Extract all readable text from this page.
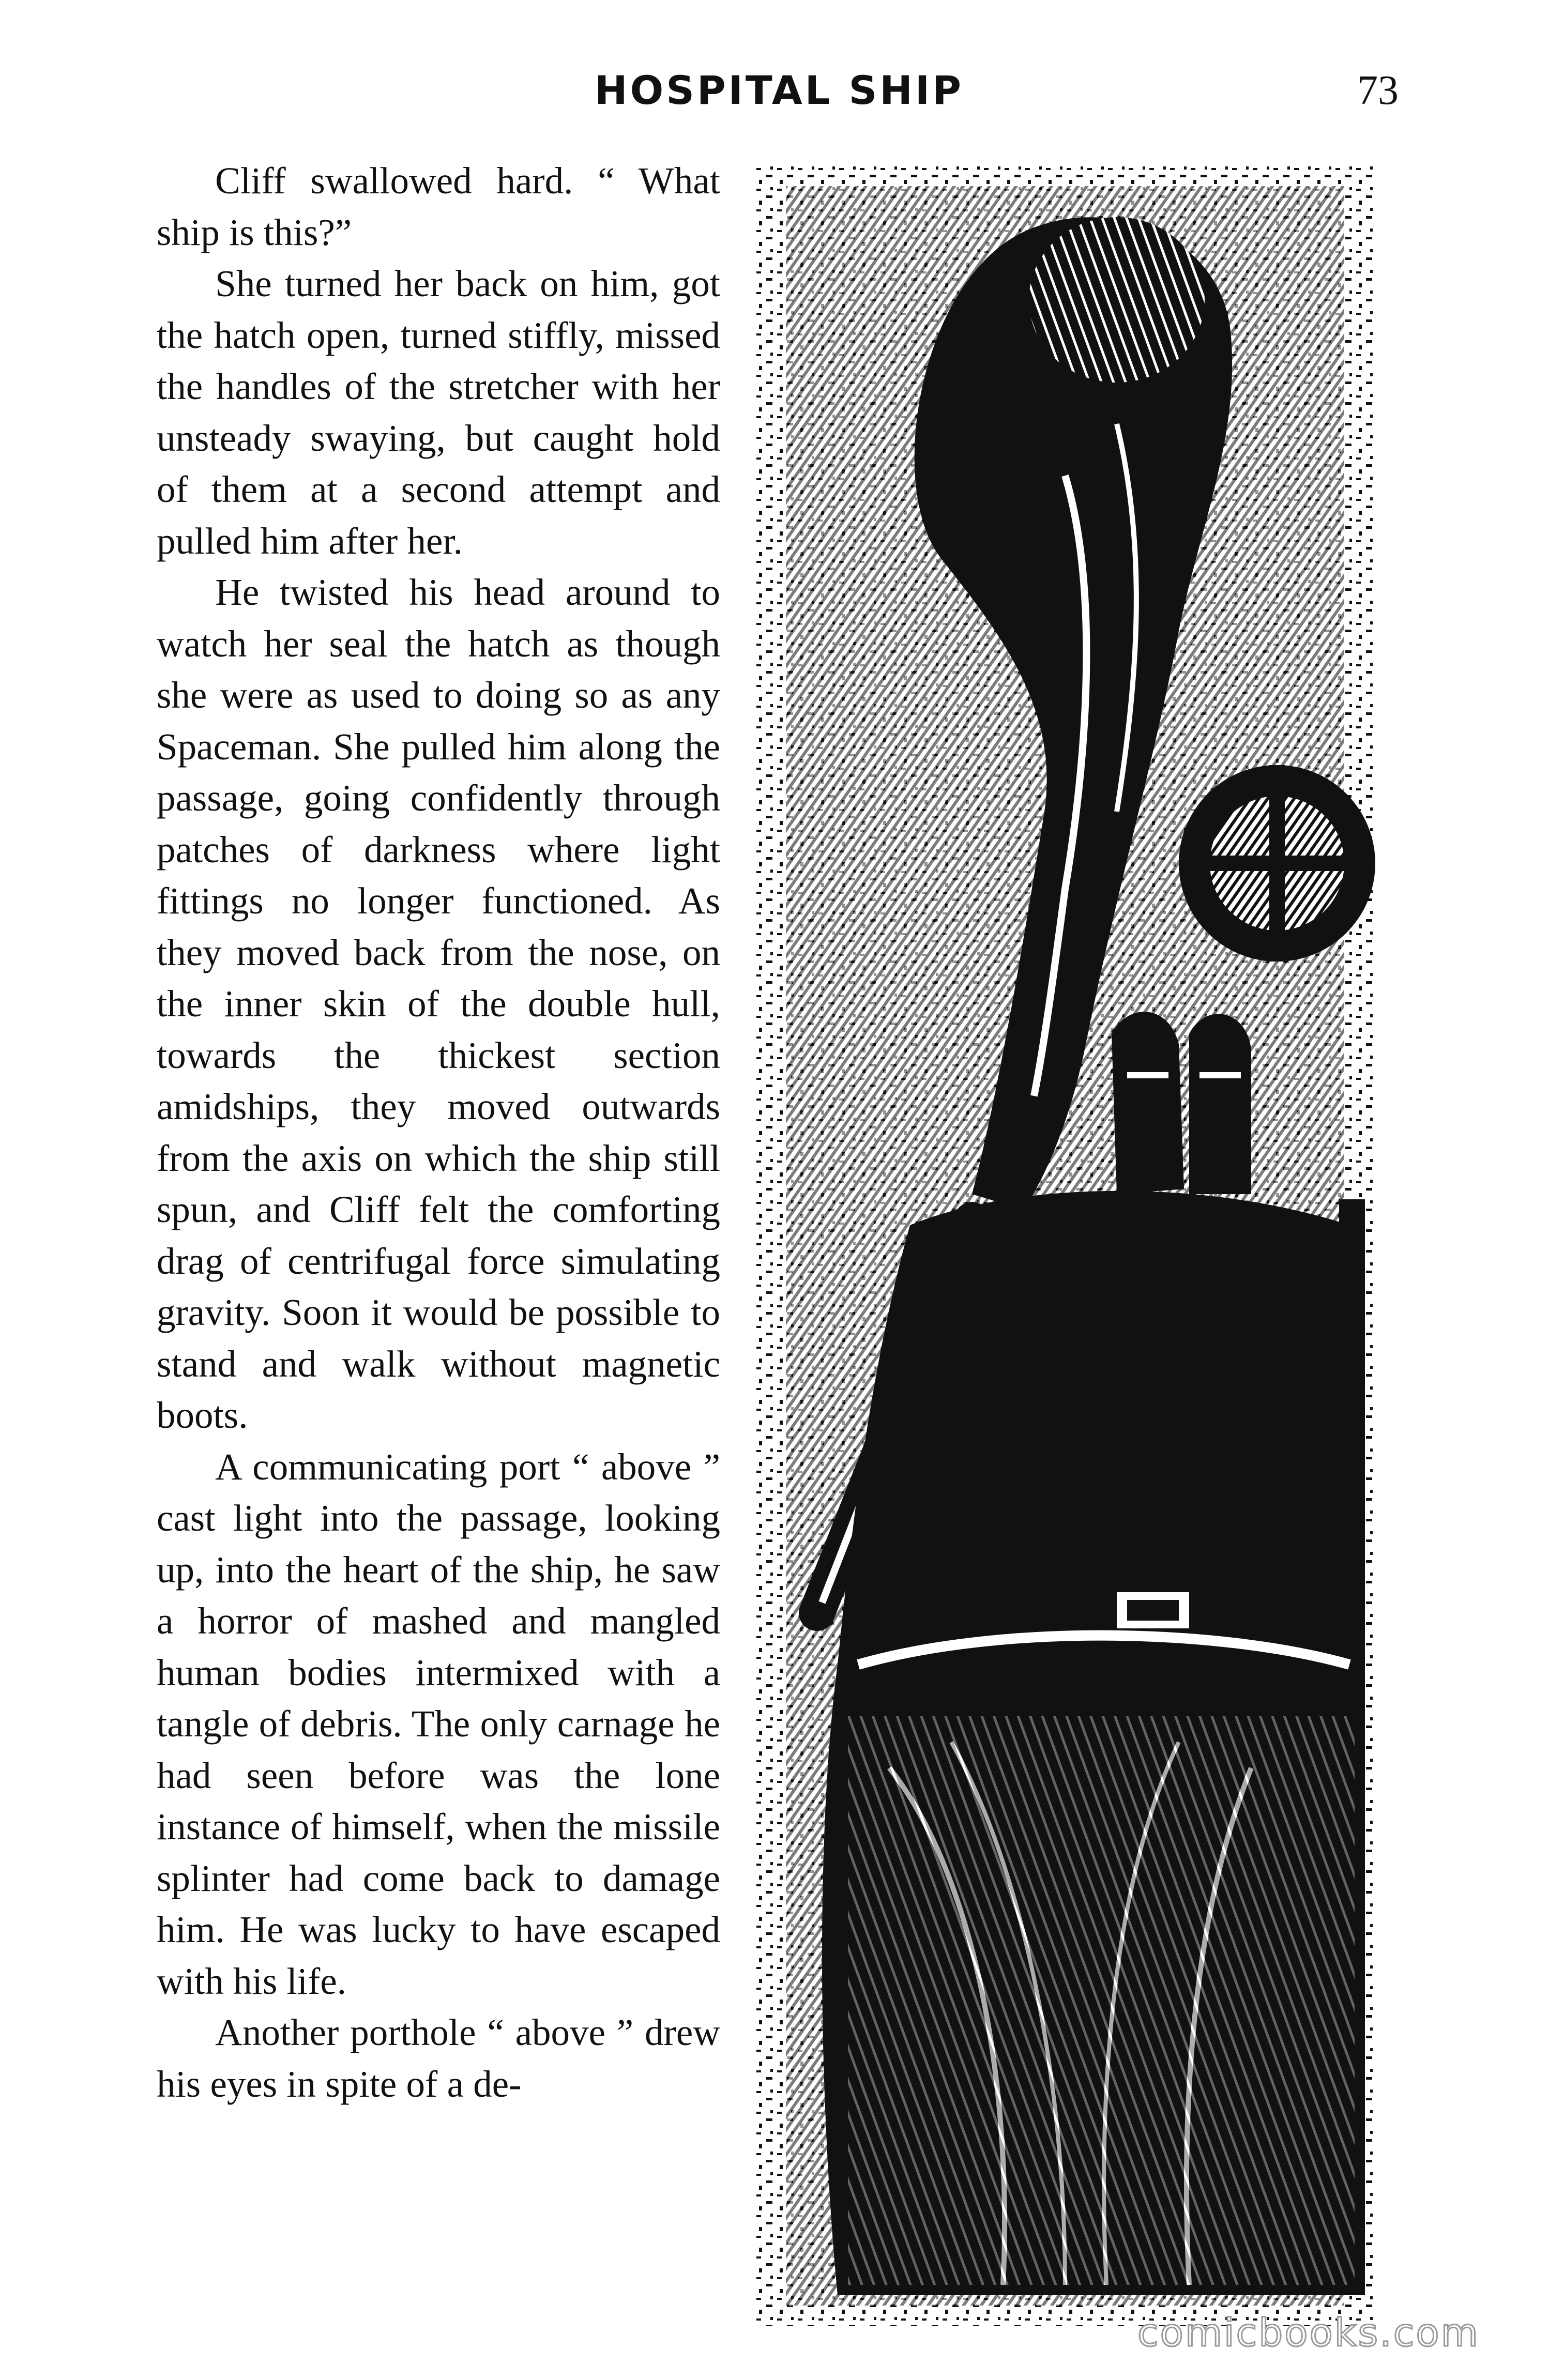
HOSPITAL SHIP	73

Cliff swallowed hard. “ What ship is this?”

She turned her back on him, got the hatch open, turned stiffly, missed the handles of the stretcher with her unsteady swaying, but caught hold of them at a second attempt and pulled him after her.

He twisted his head around to watch her seal the hatch as though she were as used to doing so as any Spaceman. She pulled him along the passage, going confidently through patches of darkness where light fittings no longer functioned. As they moved back from the nose, on the inner skin of the double hull, towards the thickest section amidships, they moved outwards from the axis on which the ship still spun, and Cliff felt the comforting drag of centrifugal force simulating gravity. Soon it would be possible to stand and walk without magnetic boots.

A communicating port “ above ” cast light into the passage, looking up, into the heart of the ship, he saw a horror of mashed and mangled human bodies intermixed with a tangle of debris. The only carnage he had seen before was the lone instance of himself, when the missile splinter had come back to damage him. He was lucky to have escaped with his life.

Another porthole “ above ” drew his eyes in spite of a de-

comicbooks.com
